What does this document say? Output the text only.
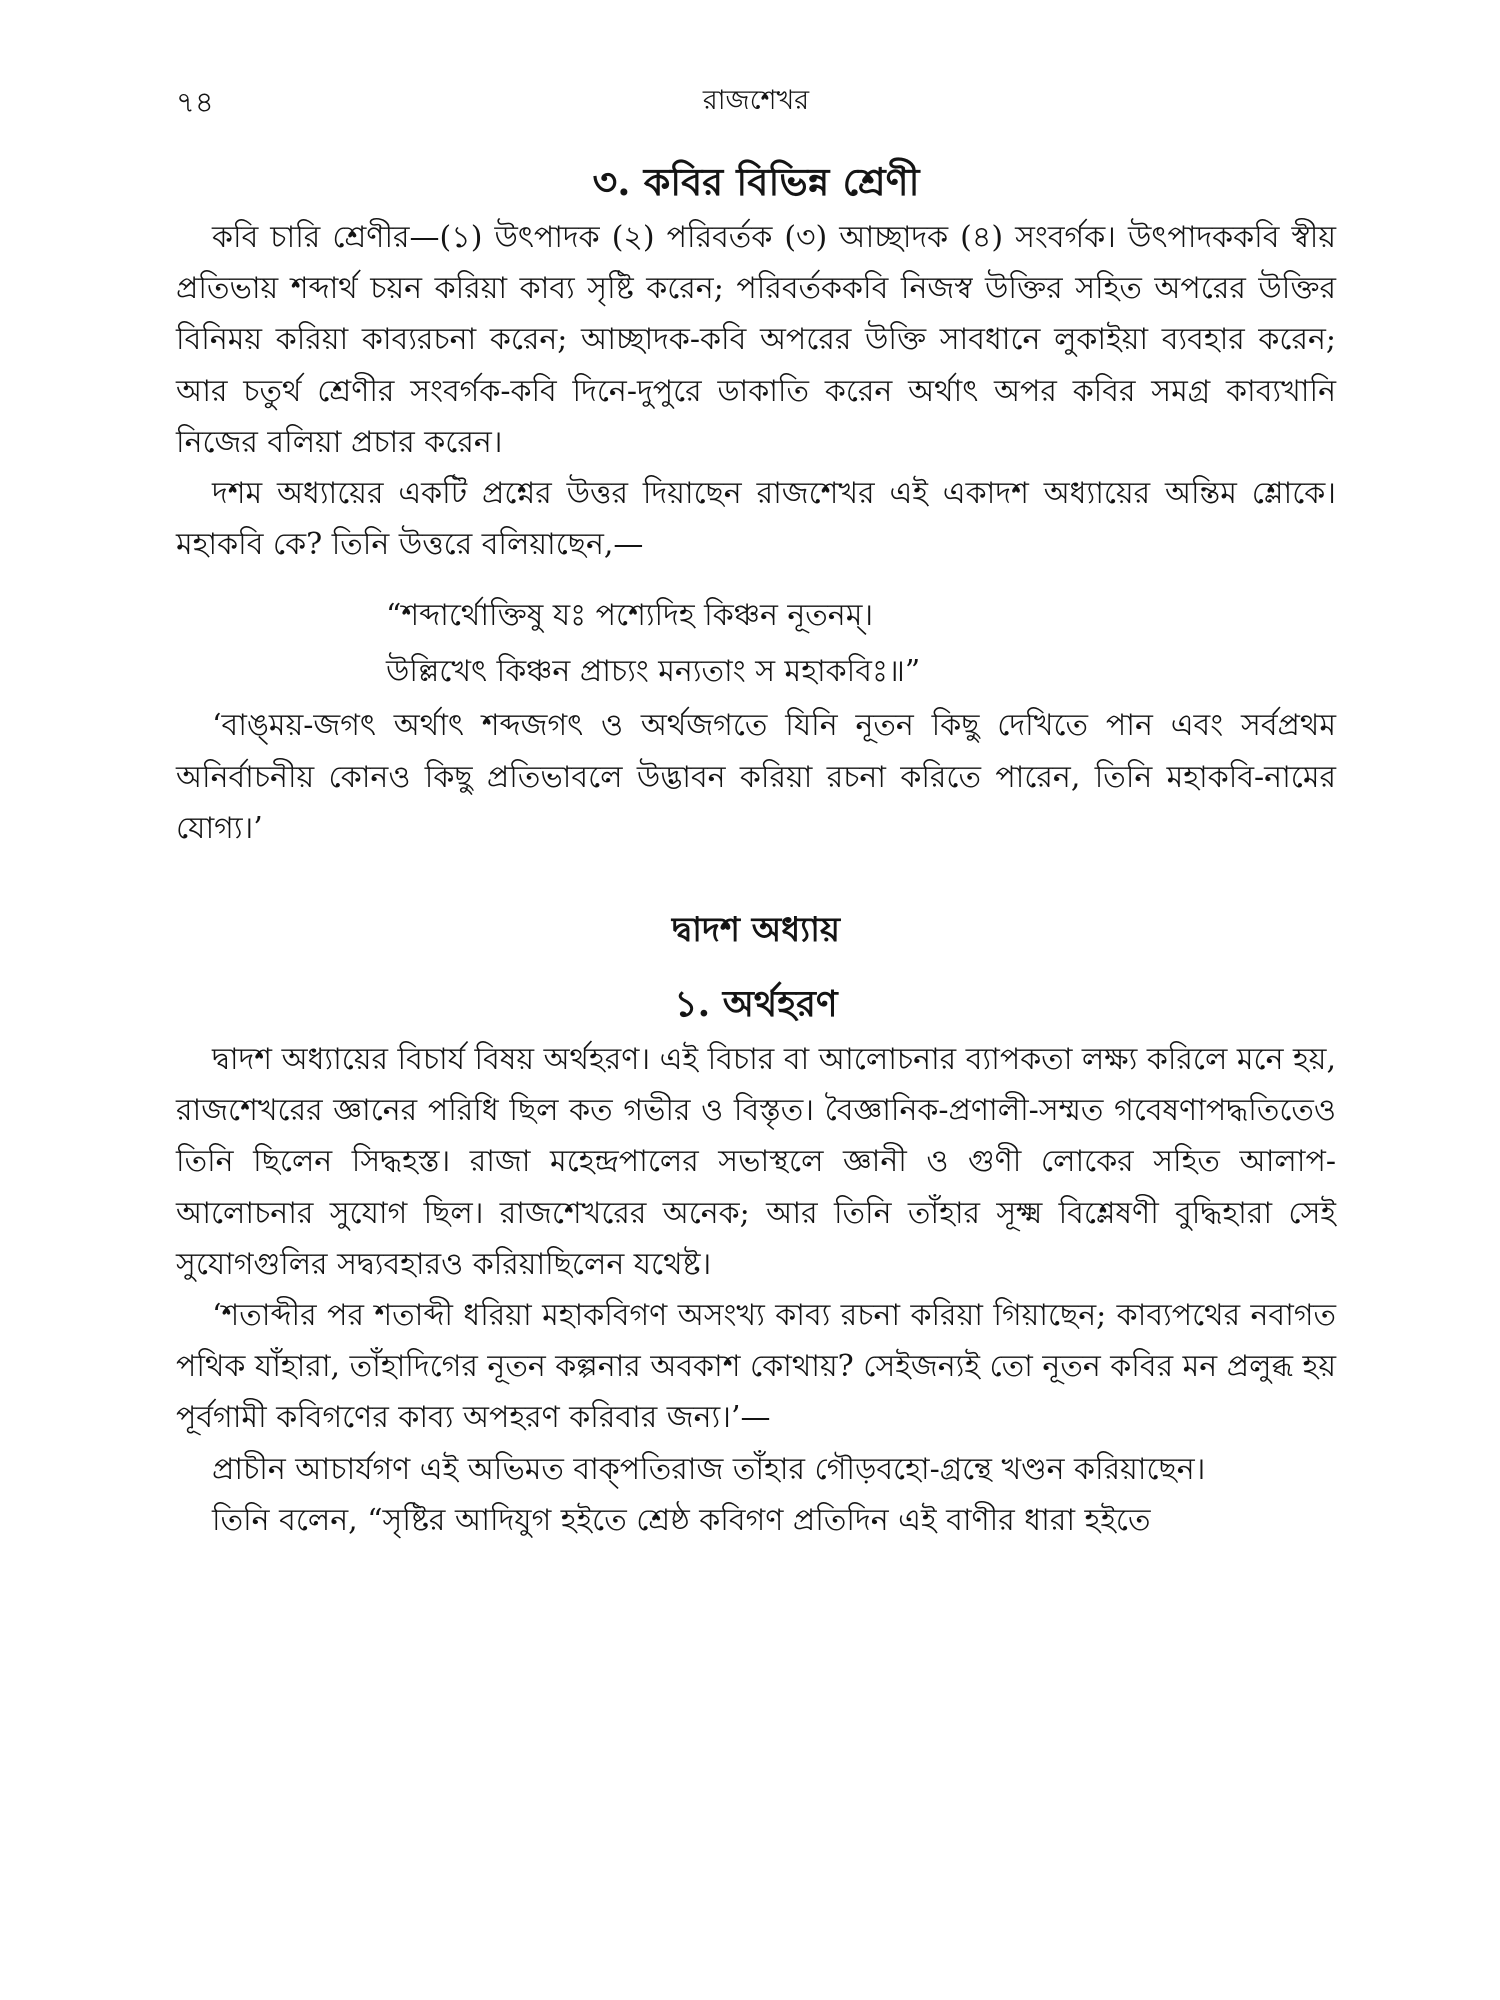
৭৪	রাজশেখর
৩. কবির বিভিন্ন শ্রেণী

কবি চারি শ্রেণীর—(১) উৎপাদক (২) পরিবর্তক (৩) আচ্ছাদক (৪) সংবর্গক। উৎপাদককবি স্বীয় প্রতিভায় শব্দার্থ চয়ন করিয়া কাব্য সৃষ্টি করেন; পরিবর্তককবি নিজস্ব উক্তির সহিত অপরের উক্তির বিনিময় করিয়া কাব্যরচনা করেন; আচ্ছাদক-কবি অপরের উক্তি সাবধানে লুকাইয়া ব্যবহার করেন; আর চতুর্থ শ্রেণীর সংবর্গক-কবি দিনে-দুপুরে ডাকাতি করেন অর্থাৎ অপর কবির সমগ্র কাব্যখানি নিজের বলিয়া প্রচার করেন।

দশম অধ্যায়ের একটি প্রশ্নের উত্তর দিয়াছেন রাজশেখর এই একাদশ অধ্যায়ের অন্তিম শ্লোকে। মহাকবি কে? তিনি উত্তরে বলিয়াছেন,—

“শব্দার্থোক্তিষু যঃ পশ্যেদিহ কিঞ্চন নূতনম্।
উল্লিখেৎ কিঞ্চন প্রাচ্যং মন্যতাং স মহাকবিঃ॥”

‘বাঙ্‌ময়-জগৎ অর্থাৎ শব্দজগৎ ও অর্থজগতে যিনি নূতন কিছু দেখিতে পান এবং সর্বপ্রথম অনির্বাচনীয় কোনও কিছু প্রতিভাবলে উদ্ভাবন করিয়া রচনা করিতে পারেন, তিনি মহাকবি-নামের যোগ্য।’

দ্বাদশ অধ্যায়
১. অর্থহরণ

দ্বাদশ অধ্যায়ের বিচার্য বিষয় অর্থহরণ। এই বিচার বা আলোচনার ব্যাপকতা লক্ষ্য করিলে মনে হয়, রাজশেখরের জ্ঞানের পরিধি ছিল কত গভীর ও বিস্তৃত। বৈজ্ঞানিক-প্রণালী-সম্মত গবেষণাপদ্ধতিতেও তিনি ছিলেন সিদ্ধহস্ত। রাজা মহেন্দ্রপালের সভাস্থলে জ্ঞানী ও গুণী লোকের সহিত আলাপ-আলোচনার সুযোগ ছিল। রাজশেখরের অনেক; আর তিনি তাঁহার সূক্ষ্ম বিশ্লেষণী বুদ্ধিহারা সেই সুযোগগুলির সদ্ব্যবহারও করিয়াছিলেন যথেষ্ট।

‘শতাব্দীর পর শতাব্দী ধরিয়া মহাকবিগণ অসংখ্য কাব্য রচনা করিয়া গিয়াছেন; কাব্যপথের নবাগত পথিক যাঁহারা, তাঁহাদিগের নূতন কল্পনার অবকাশ কোথায়? সেইজন্যই তো নূতন কবির মন প্রলুব্ধ হয় পূর্বগামী কবিগণের কাব্য অপহরণ করিবার জন্য।’—

প্রাচীন আচার্যগণ এই অভিমত বাক্‌পতিরাজ তাঁহার গৌড়বহো-গ্রন্থে খণ্ডন করিয়াছেন।

তিনি বলেন, “সৃষ্টির আদিযুগ হইতে শ্রেষ্ঠ কবিগণ প্রতিদিন এই বাণীর ধারা হইতে
